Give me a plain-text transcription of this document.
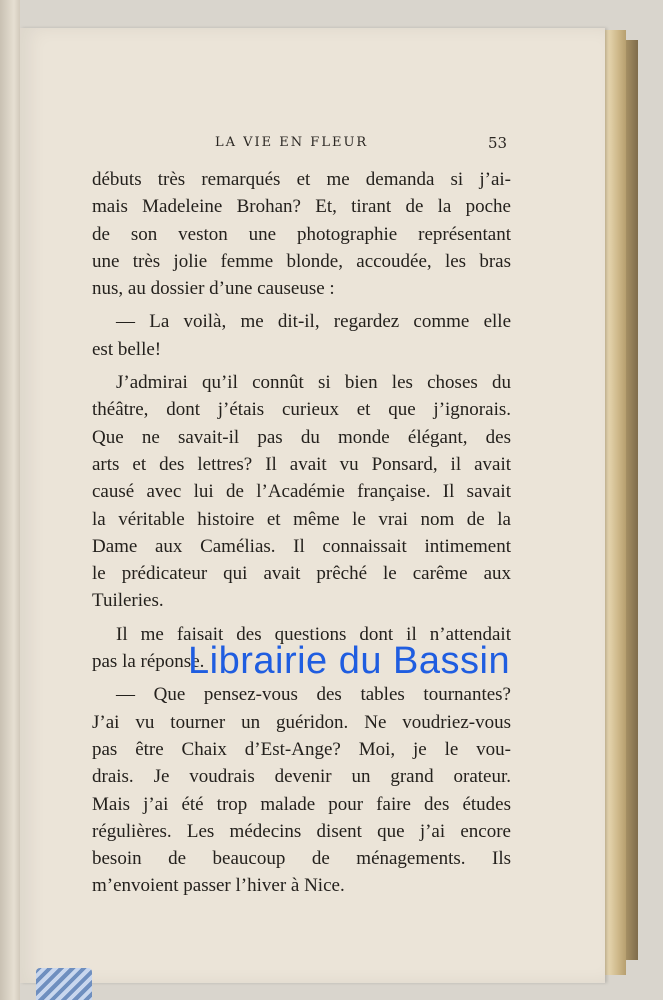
LA VIE EN FLEUR	53
débuts très remarqués et me demanda si j’ai-
mais Madeleine Brohan? Et, tirant de la poche
de son veston une photographie représentant
une très jolie femme blonde, accoudée, les bras
nus, au dossier d’une causeuse :
— La voilà, me dit-il, regardez comme elle
est belle!
J’admirai qu’il connût si bien les choses du
théâtre, dont j’étais curieux et que j’ignorais.
Que ne savait-il pas du monde élégant, des
arts et des lettres? Il avait vu Ponsard, il avait
causé avec lui de l’Académie française. Il savait
la véritable histoire et même le vrai nom de la
Dame aux Camélias. Il connaissait intimement
le prédicateur qui avait prêché le carême aux
Tuileries.
Il me faisait des questions dont il n’attendait
pas la réponse.
— Que pensez-vous des tables tournantes?
J’ai vu tourner un guéridon. Ne voudriez-vous
pas être Chaix d’Est-Ange? Moi, je le vou-
drais. Je voudrais devenir un grand orateur.
Mais j’ai été trop malade pour faire des études
régulières. Les médecins disent que j’ai encore
besoin de beaucoup de ménagements. Ils
m’envoient passer l’hiver à Nice.
Librairie du Bassin
